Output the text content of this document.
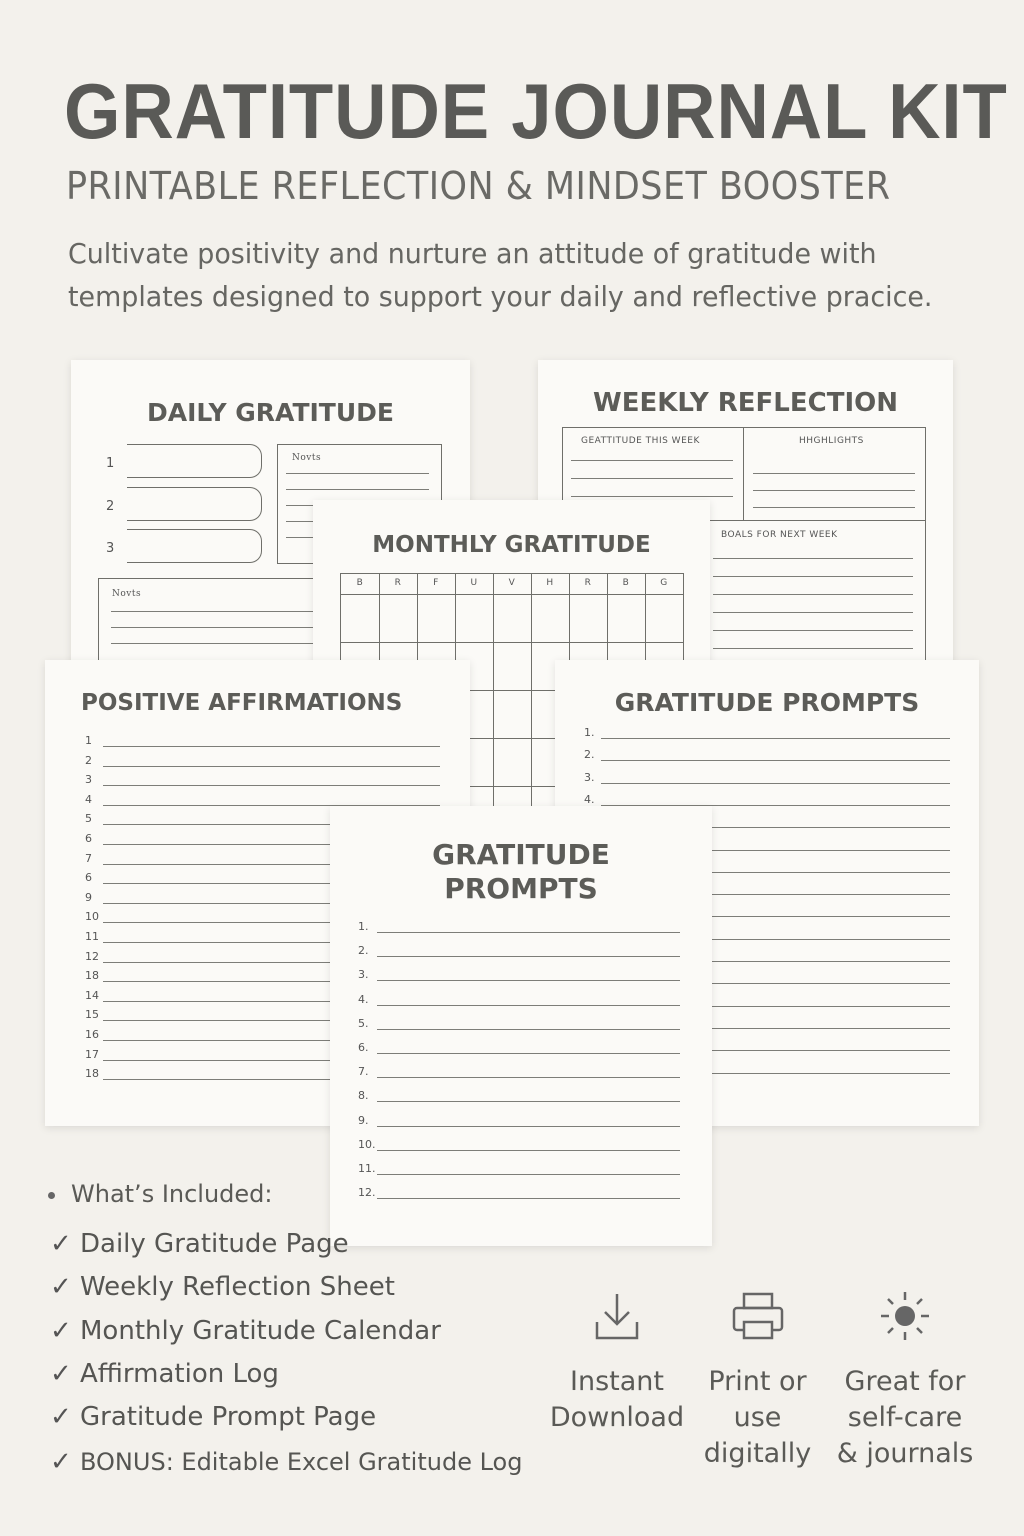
GRATITUDE JOURNAL KIT
PRINTABLE REFLECTION & MINDSET BOOSTER
Cultivate positivity and nurture an attitude of gratitude with templates designed to support your daily and reflective pracice.
DAILY GRATITUDE
1
2
3
Novts
Novts
WEEKLY REFLECTION
GEATTITUDE THIS WEEK	HHGHLIGHTS
BOALS FOR NEXT WEEK
MONTHLY GRATITUDE
B	R	F	U	V	H	R	B	G
POSITIVE AFFIRMATIONS
1
2
3
4
5
6
7
6
9
10
11
12
18
14
15
16
17
18
GRATITUDE PROMPTS
1.
2.
3.
4.
GRATITUDE
PROMPTS
1.
2.
3.
4.
5.
6.
7.
8.
9.
10.
11.
12.
What’s Included:
✓ Daily Gratitude Page
✓ Weekly Reflection Sheet
✓ Monthly Gratitude Calendar
✓ Affirmation Log
✓ Gratitude Prompt Page
✓ BONUS: Editable Excel Gratitude Log
Instant
Download
Print or
use
digitally
Great for
self-care
& journals
